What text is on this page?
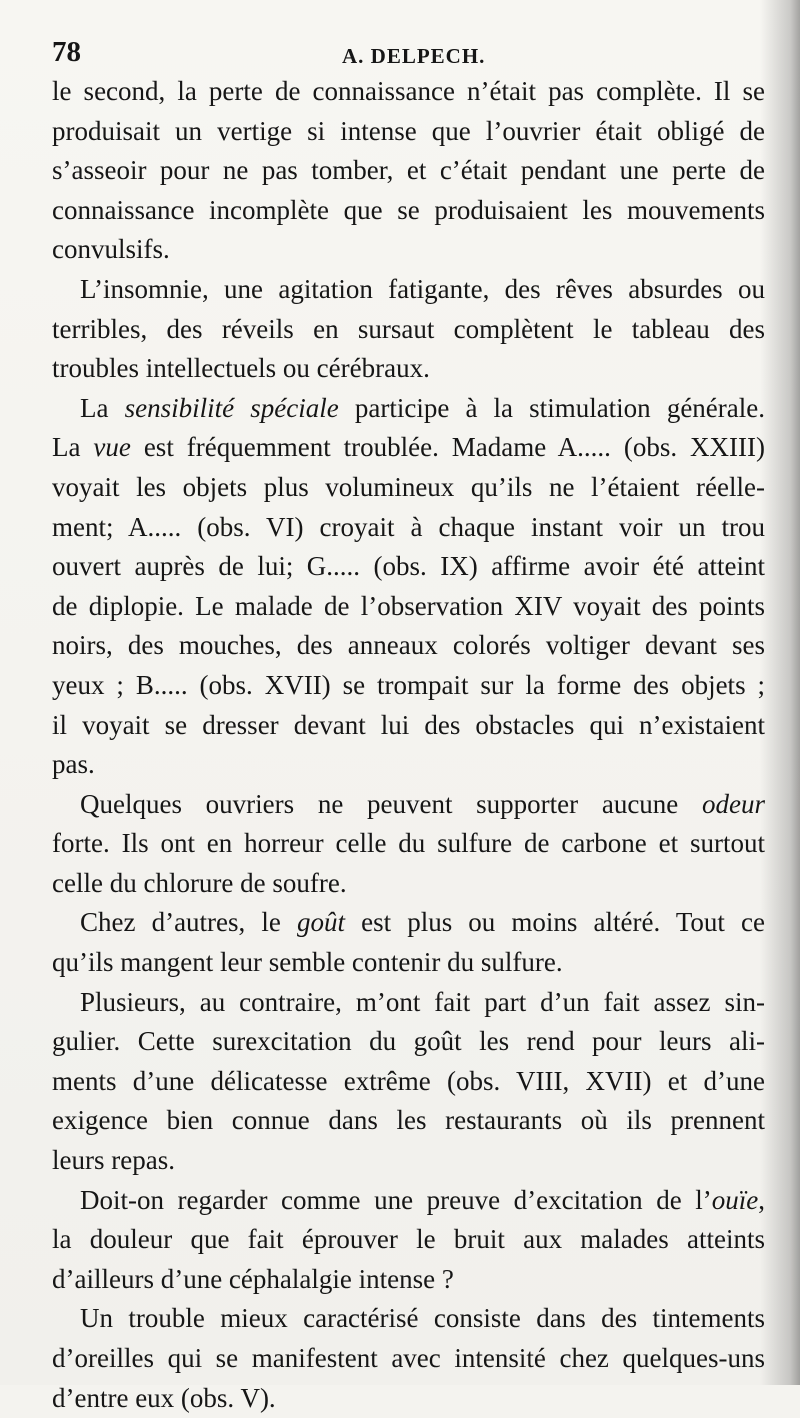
78	A. DELPECH.
le second, la perte de connaissance n’était pas complète. Il se
produisait un vertige si intense que l’ouvrier était obligé de
s’asseoir pour ne pas tomber, et c’était pendant une perte de
connaissance incomplète que se produisaient les mouvements
convulsifs.
L’insomnie, une agitation fatigante, des rêves absurdes ou
terribles, des réveils en sursaut complètent le tableau des
troubles intellectuels ou cérébraux.
La sensibilité spéciale participe à la stimulation générale.
La vue est fréquemment troublée. Madame A..... (obs. XXIII)
voyait les objets plus volumineux qu’ils ne l’étaient réelle-
ment; A..... (obs. VI) croyait à chaque instant voir un trou
ouvert auprès de lui; G..... (obs. IX) affirme avoir été atteint
de diplopie. Le malade de l’observation XIV voyait des points
noirs, des mouches, des anneaux colorés voltiger devant ses
yeux ; B..... (obs. XVII) se trompait sur la forme des objets ;
il voyait se dresser devant lui des obstacles qui n’existaient
pas.
Quelques ouvriers ne peuvent supporter aucune odeur
forte. Ils ont en horreur celle du sulfure de carbone et surtout
celle du chlorure de soufre.
Chez d’autres, le goût est plus ou moins altéré. Tout ce
qu’ils mangent leur semble contenir du sulfure.
Plusieurs, au contraire, m’ont fait part d’un fait assez sin-
gulier. Cette surexcitation du goût les rend pour leurs ali-
ments d’une délicatesse extrême (obs. VIII, XVII) et d’une
exigence bien connue dans les restaurants où ils prennent
leurs repas.
Doit-on regarder comme une preuve d’excitation de l’ouïe,
la douleur que fait éprouver le bruit aux malades atteints
d’ailleurs d’une céphalalgie intense ?
Un trouble mieux caractérisé consiste dans des tintements
d’oreilles qui se manifestent avec intensité chez quelques-uns
d’entre eux (obs. V).
